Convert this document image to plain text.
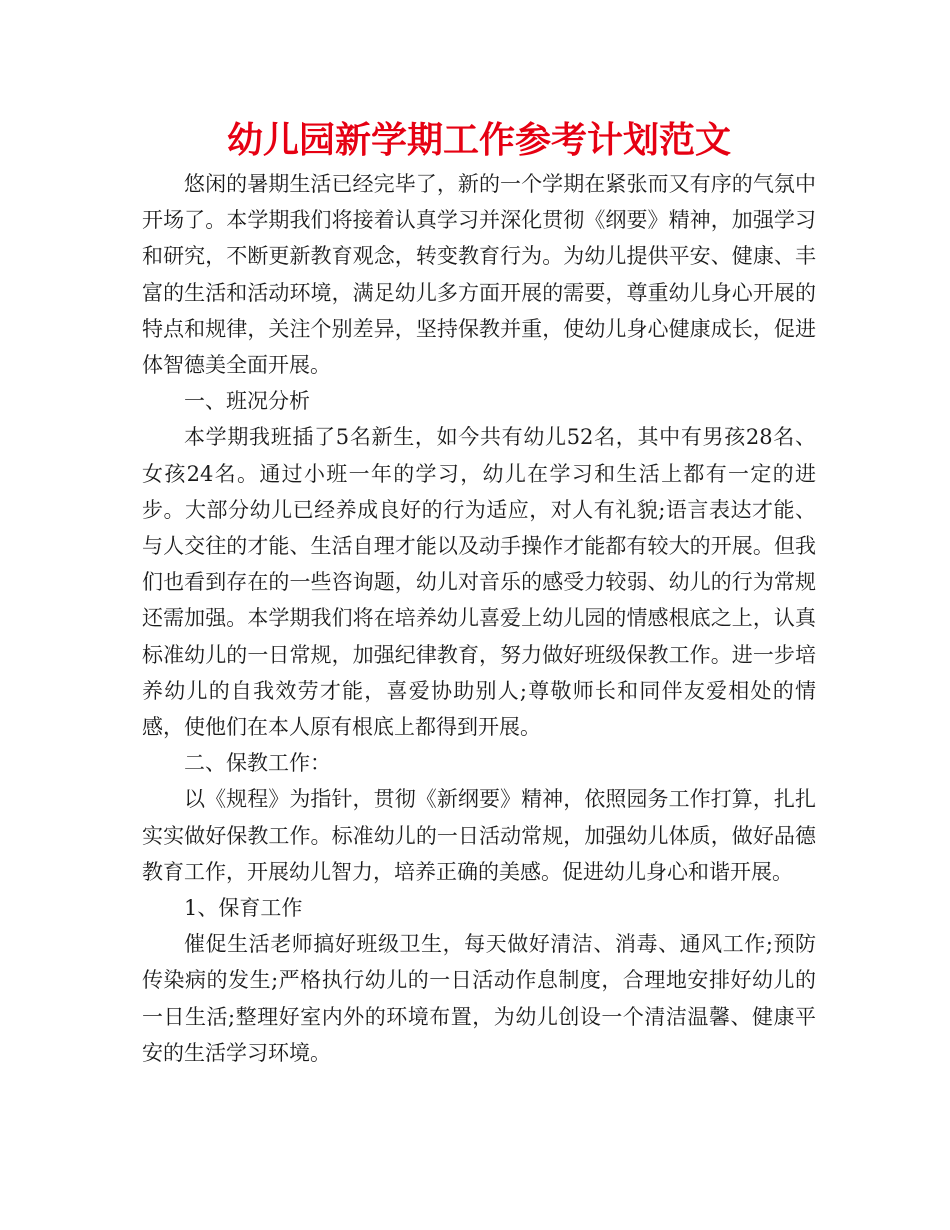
幼儿园新学期工作参考计划范文

悠闲的暑期生活已经完毕了，新的一个学期在紧张而又有序的气氛中开场了。本学期我们将接着认真学习并深化贯彻《纲要》精神，加强学习和研究，不断更新教育观念，转变教育行为。为幼儿提供平安、健康、丰富的生活和活动环境，满足幼儿多方面开展的需要，尊重幼儿身心开展的特点和规律，关注个别差异，坚持保教并重，使幼儿身心健康成长，促进体智德美全面开展。

一、班况分析

本学期我班插了5名新生，如今共有幼儿52名，其中有男孩28名、女孩24名。通过小班一年的学习，幼儿在学习和生活上都有一定的进步。大部分幼儿已经养成良好的行为适应，对人有礼貌;语言表达才能、与人交往的才能、生活自理才能以及动手操作才能都有较大的开展。但我们也看到存在的一些咨询题，幼儿对音乐的感受力较弱、幼儿的行为常规还需加强。本学期我们将在培养幼儿喜爱上幼儿园的情感根底之上，认真标准幼儿的一日常规，加强纪律教育，努力做好班级保教工作。进一步培养幼儿的自我效劳才能，喜爱协助别人;尊敬师长和同伴友爱相处的情感，使他们在本人原有根底上都得到开展。

二、保教工作：

以《规程》为指针，贯彻《新纲要》精神，依照园务工作打算，扎扎实实做好保教工作。标准幼儿的一日活动常规，加强幼儿体质，做好品德教育工作，开展幼儿智力，培养正确的美感。促进幼儿身心和谐开展。

1、保育工作

催促生活老师搞好班级卫生，每天做好清洁、消毒、通风工作;预防传染病的发生;严格执行幼儿的一日活动作息制度，合理地安排好幼儿的一日生活;整理好室内外的环境布置，为幼儿创设一个清洁温馨、健康平安的生活学习环境。
